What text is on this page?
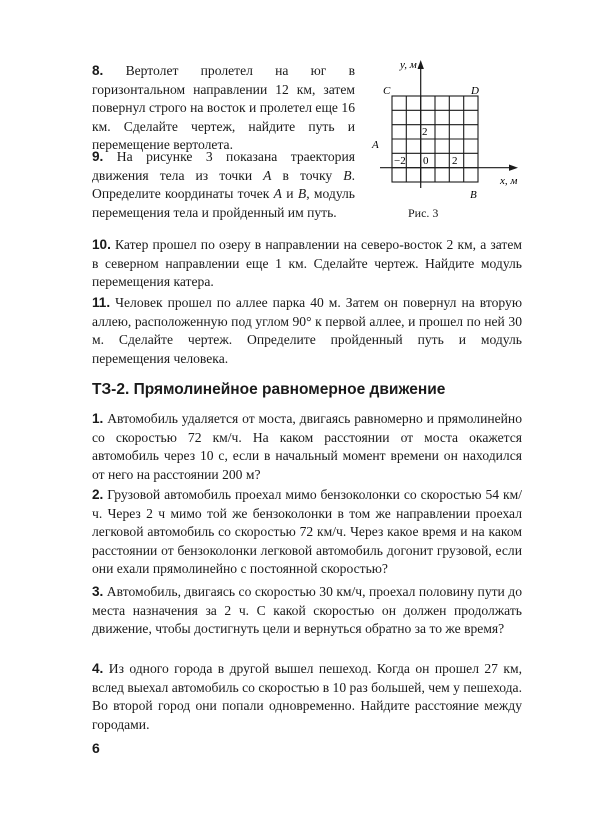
8. Вертолет пролетел на юг в горизонтальном направлении 12 км, затем повернул строго на восток и пролетел еще 16 км. Сделайте чертеж, найдите путь и перемещение вертолета.

9. На рисунке 3 показана траектория движения тела из точки A в точку B. Определите координаты точек A и B, модуль перемещения тела и пройденный им путь.

y, м
x, м
C	D
A
B
−2 0 2
2
Рис. 3

10. Катер прошел по озеру в направлении на северо-восток 2 км, а затем в северном направлении еще 1 км. Сделайте чертеж. Найдите модуль перемещения катера.

11. Человек прошел по аллее парка 40 м. Затем он повернул на вторую аллею, расположенную под углом 90° к первой аллее, и прошел по ней 30 м. Сделайте чертеж. Определите пройденный путь и модуль перемещения человека.

ТЗ-2. Прямолинейное равномерное движение

1. Автомобиль удаляется от моста, двигаясь равномерно и прямолинейно со скоростью 72 км/ч. На каком расстоянии от моста окажется автомобиль через 10 с, если в начальный момент времени он находился от него на расстоянии 200 м?

2. Грузовой автомобиль проехал мимо бензоколонки со скоростью 54 км/ч. Через 2 ч мимо той же бензоколонки в том же направлении проехал легковой автомобиль со скоростью 72 км/ч. Через какое время и на каком расстоянии от бензоколонки легковой автомобиль догонит грузовой, если они ехали прямолинейно с постоянной скоростью?

3. Автомобиль, двигаясь со скоростью 30 км/ч, проехал половину пути до места назначения за 2 ч. С какой скоростью он должен продолжать движение, чтобы достигнуть цели и вернуться обратно за то же время?

4. Из одного города в другой вышел пешеход. Когда он прошел 27 км, вслед выехал автомобиль со скоростью в 10 раз большей, чем у пешехода. Во второй город они попали одновременно. Найдите расстояние между городами.

6
